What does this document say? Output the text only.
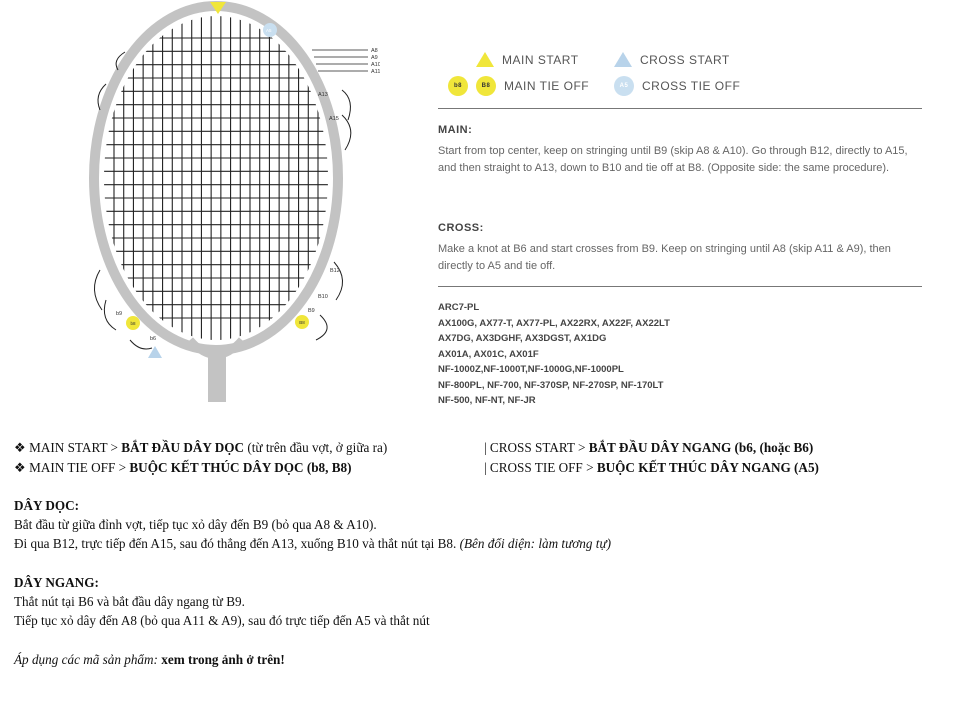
b8	B8
A8
A9
A10
A11
A13
A15
B12
B10
B9
b9
b6
A5
MAIN START	CROSS START
b8	B8	MAIN TIE OFF	A5	CROSS TIE OFF
MAIN:
Start from top center, keep on stringing until B9 (skip A8 & A10). Go through B12, directly to A15, and then straight to A13, down to B10 and tie off at B8. (Opposite side: the same procedure).
CROSS:
Make a knot at B6 and start crosses from B9. Keep on stringing until A8 (skip A11 & A9), then directly to A5 and tie off.
ARC7-PL
AX100G, AX77-T, AX77-PL, AX22RX, AX22F, AX22LT
AX7DG, AX3DGHF, AX3DGST, AX1DG
AX01A, AX01C, AX01F
NF-1000Z,NF-1000T,NF-1000G,NF-1000PL
NF-800PL, NF-700, NF-370SP, NF-270SP, NF-170LT
NF-500, NF-NT, NF-JR
❖ MAIN START > BẮT ĐẦU DÂY DỌC (từ trên đầu vợt, ở giữa ra)	| CROSS START > BẮT ĐẦU DÂY NGANG (b6, (hoặc B6)
❖ MAIN TIE OFF > BUỘC KẾT THÚC DÂY DỌC (b8, B8)	| CROSS TIE OFF > BUỘC KẾT THÚC DÂY NGANG (A5)
DÂY DỌC:
Bắt đầu từ giữa đỉnh vợt, tiếp tục xỏ dây đến B9 (bỏ qua A8 & A10).
Đi qua B12, trực tiếp đến A15, sau đó thẳng đến A13, xuống B10 và thắt nút tại B8. (Bên đối diện: làm tương tự)
DÂY NGANG:
Thắt nút tại B6 và bắt đầu dây ngang từ B9.
Tiếp tục xỏ dây đến A8 (bỏ qua A11 & A9), sau đó trực tiếp đến A5 và thắt nút
Áp dụng các mã sản phẩm: xem trong ảnh ở trên!
